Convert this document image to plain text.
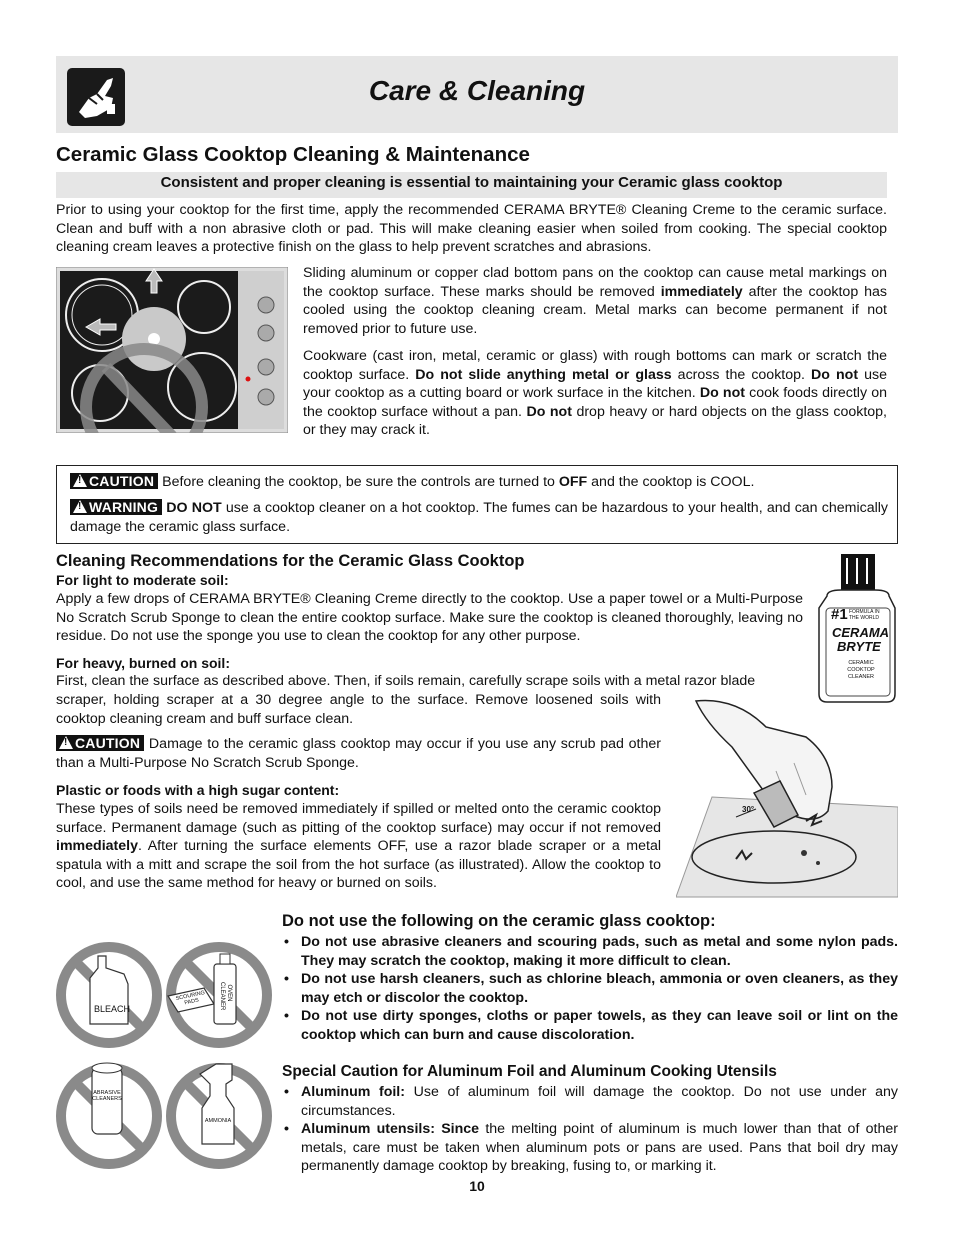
Care & Cleaning
Ceramic Glass Cooktop Cleaning & Maintenance
Consistent and proper cleaning is essential to maintaining your Ceramic glass cooktop
Prior to using your cooktop for the first time, apply the recommended CERAMA BRYTE® Cleaning Creme to the ceramic surface. Clean and buff with a non abrasive cloth or pad. This will make cleaning easier when soiled from cooking. The special cooktop cleaning cream leaves a protective finish on the glass to help prevent scratches and abrasions.
Sliding aluminum or copper clad bottom pans on the cooktop can cause metal markings on the cooktop surface. These marks should be removed immediately after the cooktop has cooled using the cooktop cleaning cream. Metal marks can become permanent if not removed prior to future use.
Cookware (cast iron, metal, ceramic or glass) with rough bottoms can mark or scratch the cooktop surface. Do not slide anything metal or glass across the cooktop. Do not use your cooktop as a cutting board or work surface in the kitchen. Do not cook foods directly on the cooktop surface without a pan. Do not drop heavy or hard objects on the glass cooktop, or they may crack it.
!CAUTION Before cleaning the cooktop, be sure the controls are turned to OFF and the cooktop is COOL.
!WARNING DO NOT use a cooktop cleaner on a hot cooktop. The fumes can be hazardous to your health, and can chemically damage the ceramic glass surface.
Cleaning Recommendations for the Ceramic Glass Cooktop
For light to moderate soil:
Apply a few drops of CERAMA BRYTE® Cleaning Creme directly to the cooktop. Use a paper towel or a Multi-Purpose No Scratch Scrub Sponge to clean the entire cooktop surface. Make sure the cooktop is cleaned thoroughly, leaving no residue. Do not use the sponge you use to clean the cooktop for any other purpose.
For heavy, burned on soil:
First, clean the surface as described above. Then, if soils remain, carefully scrape soils with a metal razor blade
scraper, holding scraper at a 30 degree angle to the surface. Remove loosened soils with cooktop cleaning cream and buff surface clean.
!CAUTION Damage to the ceramic glass cooktop may occur if you use any scrub pad other than a Multi-Purpose No Scratch Scrub Sponge.
Plastic or foods with a high sugar content:
These types of soils need be removed immediately if spilled or melted onto the ceramic cooktop surface. Permanent damage (such as pitting of the cooktop surface) may occur if not removed immediately. After turning the surface elements OFF, use a razor blade scraper or a metal spatula with a mitt and scrape the soil from the hot surface (as illustrated). Allow the cooktop to cool, and use the same method for heavy or burned on soils.
#1 FORMULA IN THE WORLD
CERAMA
BRYTE
CERAMIC COOKTOP CLEANER
30°
BLEACH
SCOURING PADS
OVEN CLEANER
ABRASIVE CLEANERS
AMMONIA
Do not use the following on the ceramic glass cooktop:
• Do not use abrasive cleaners and scouring pads, such as metal and some nylon pads. They may scratch the cooktop, making it more difficult to clean.
• Do not use harsh cleaners, such as chlorine bleach, ammonia or oven cleaners, as they may etch or discolor the cooktop.
• Do not use dirty sponges, cloths or paper towels, as they can leave soil or lint on the cooktop which can burn and cause discoloration.
Special Caution for Aluminum Foil and Aluminum Cooking Utensils
• Aluminum foil: Use of aluminum foil will damage the cooktop. Do not use under any circumstances.
• Aluminum utensils: Since the melting point of aluminum is much lower than that of other metals, care must be taken when aluminum pots or pans are used. Pans that boil dry may permanently damage cooktop by breaking, fusing to, or marking it.
10
